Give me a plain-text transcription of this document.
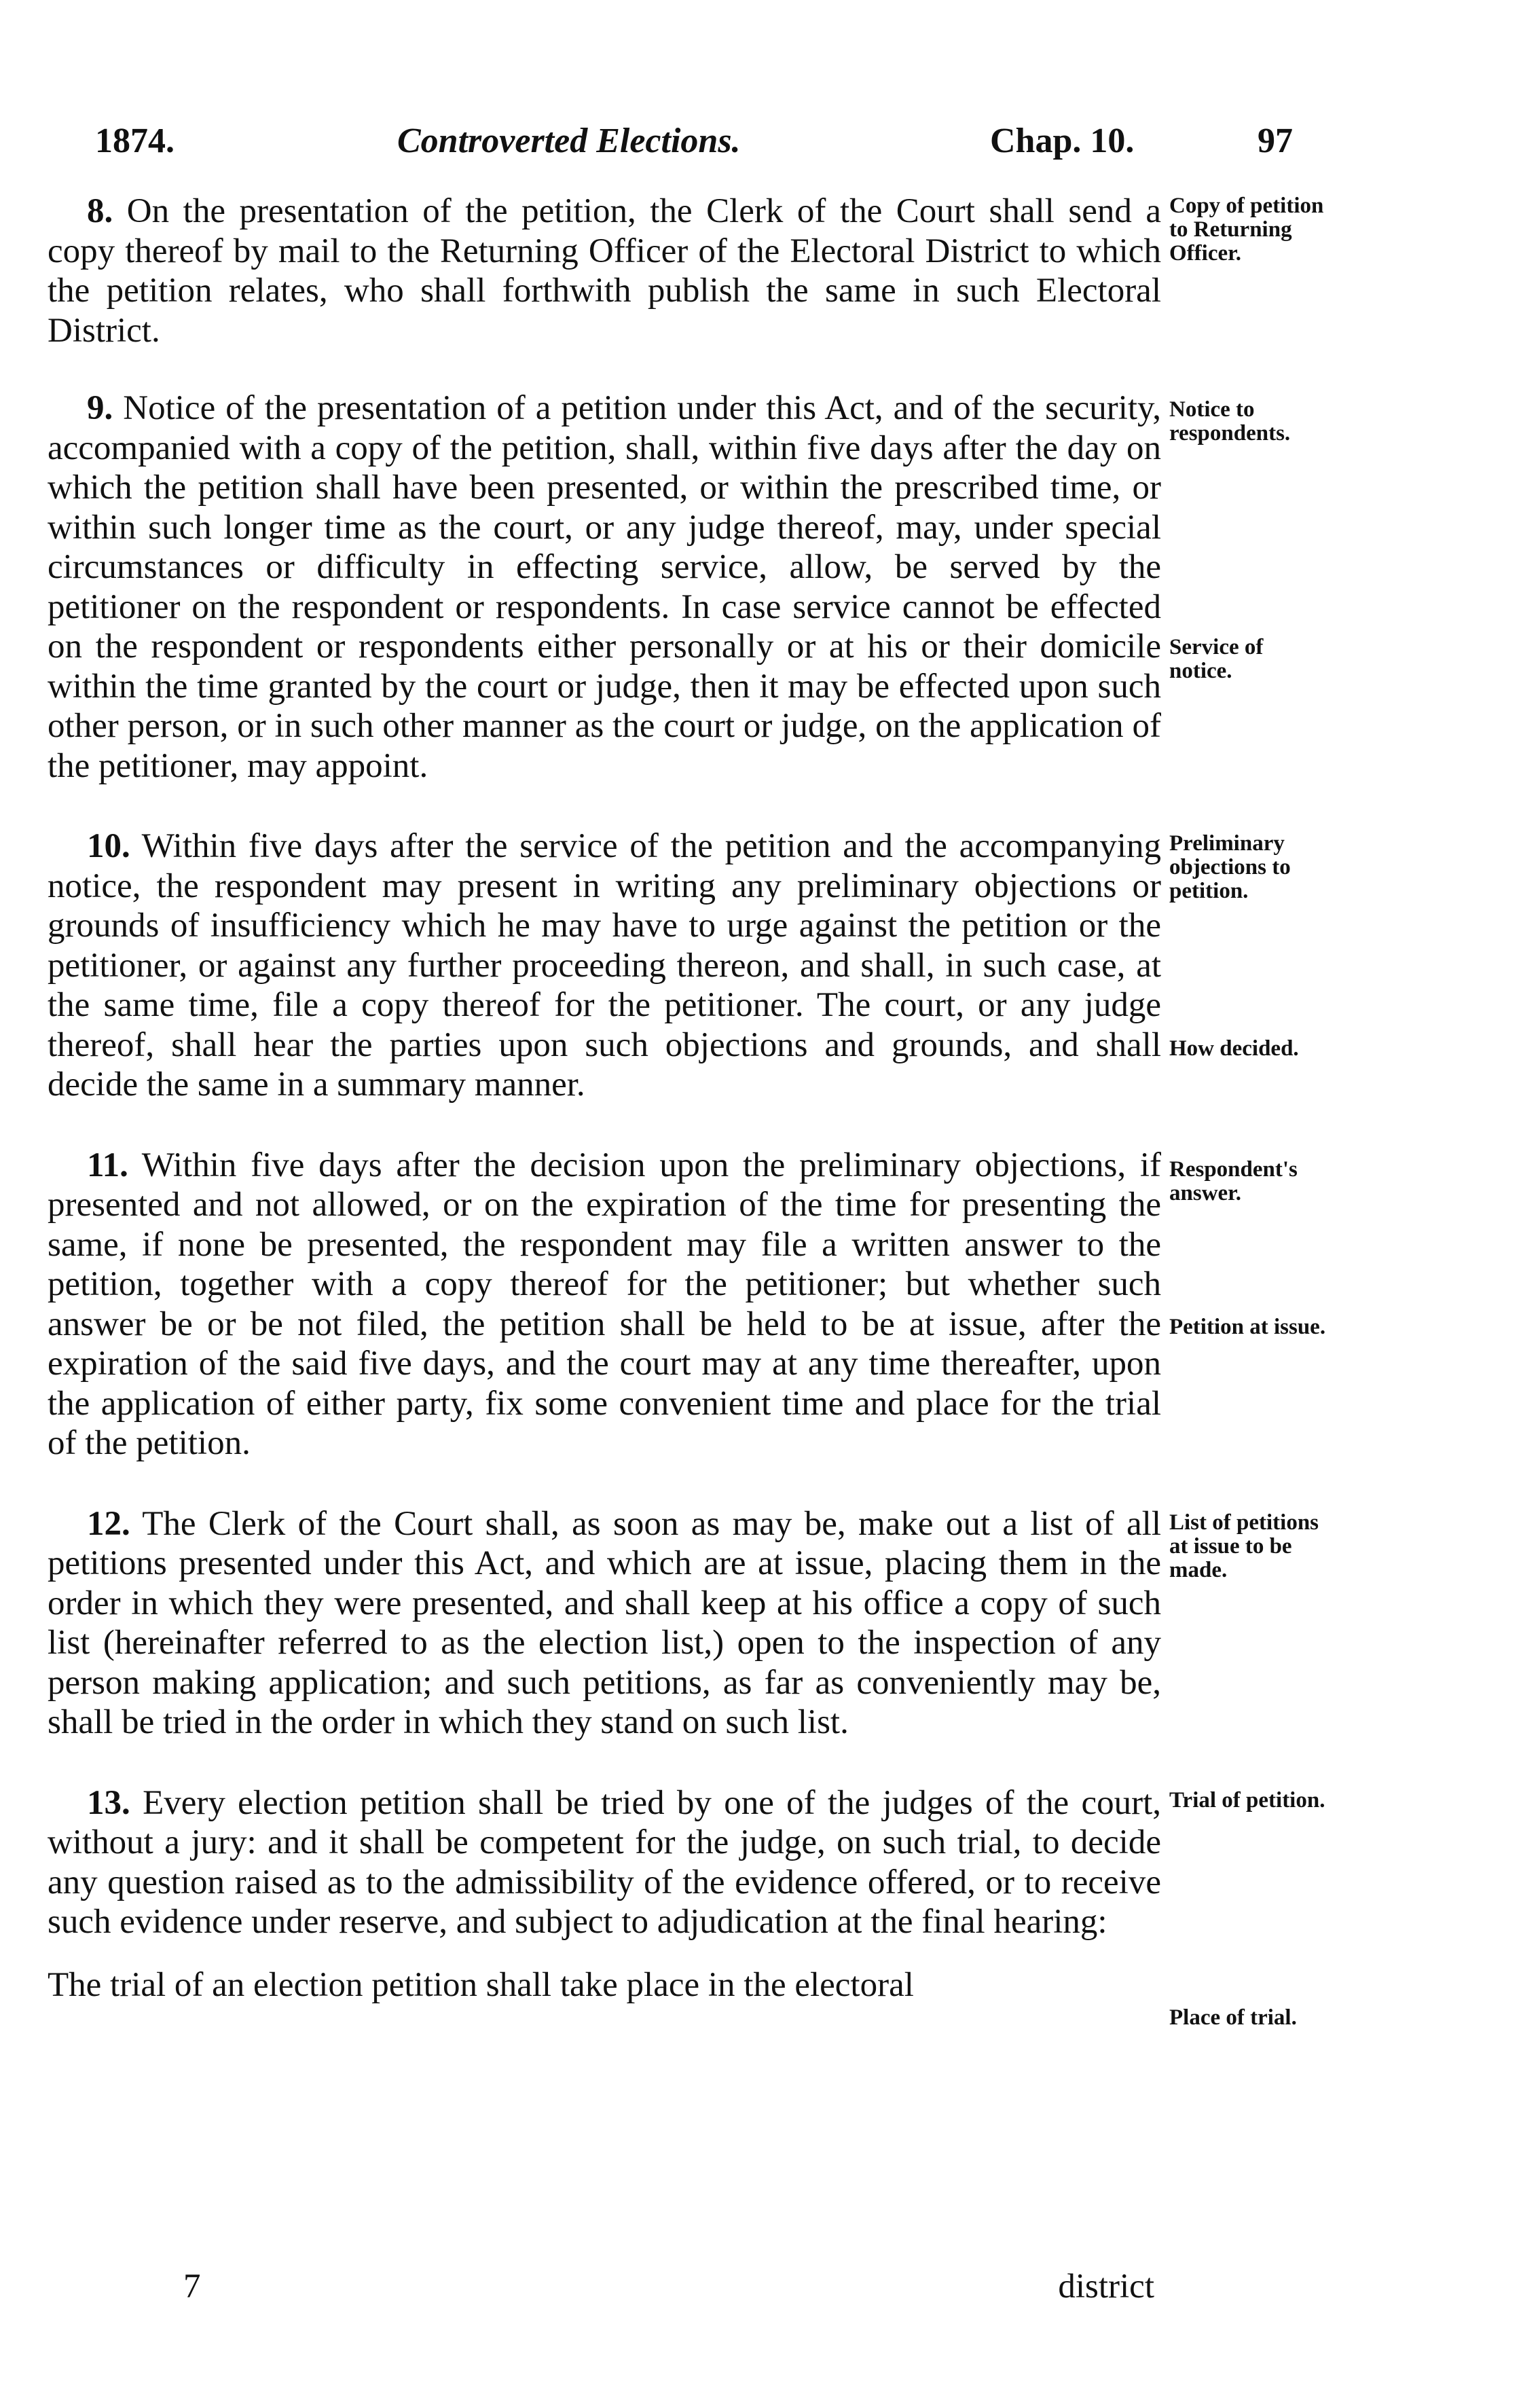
1874.	Controverted Elections.	Chap. 10.	97

8. On the presentation of the petition, the Clerk of the Court shall send a copy thereof by mail to the Returning Officer of the Electoral District to which the petition relates, who shall forthwith publish the same in such Electoral District.

Copy of petition to Returning Officer.

9. Notice of the presentation of a petition under this Act, and of the security, accompanied with a copy of the petition, shall, within five days after the day on which the petition shall have been presented, or within the prescribed time, or within such longer time as the court, or any judge thereof, may, under special circumstances or difficulty in effecting service, allow, be served by the petitioner on the respondent or respondents. In case service cannot be effected on the respondent or respondents either personally or at his or their domicile within the time granted by the court or judge, then it may be effected upon such other person, or in such other manner as the court or judge, on the application of the petitioner, may appoint.

Notice to respondents.
Service of notice.

10. Within five days after the service of the petition and the accompanying notice, the respondent may present in writing any preliminary objections or grounds of insufficiency which he may have to urge against the petition or the petitioner, or against any further proceeding thereon, and shall, in such case, at the same time, file a copy thereof for the petitioner. The court, or any judge thereof, shall hear the parties upon such objections and grounds, and shall decide the same in a summary manner.

Preliminary objections to petition.
How decided.

11. Within five days after the decision upon the preliminary objections, if presented and not allowed, or on the expiration of the time for presenting the same, if none be presented, the respondent may file a written answer to the petition, together with a copy thereof for the petitioner; but whether such answer be or be not filed, the petition shall be held to be at issue, after the expiration of the said five days, and the court may at any time thereafter, upon the application of either party, fix some convenient time and place for the trial of the petition.

Respondent's answer.
Petition at issue.

12. The Clerk of the Court shall, as soon as may be, make out a list of all petitions presented under this Act, and which are at issue, placing them in the order in which they were presented, and shall keep at his office a copy of such list (hereinafter referred to as the election list,) open to the inspection of any person making application; and such petitions, as far as conveniently may be, shall be tried in the order in which they stand on such list.

List of petitions at issue to be made.

13. Every election petition shall be tried by one of the judges of the court, without a jury: and it shall be competent for the judge, on such trial, to decide any question raised as to the admissibility of the evidence offered, or to receive such evidence under reserve, and subject to adjudication at the final hearing:

The trial of an election petition shall take place in the electoral

Trial of petition.
Place of trial.
7	district
